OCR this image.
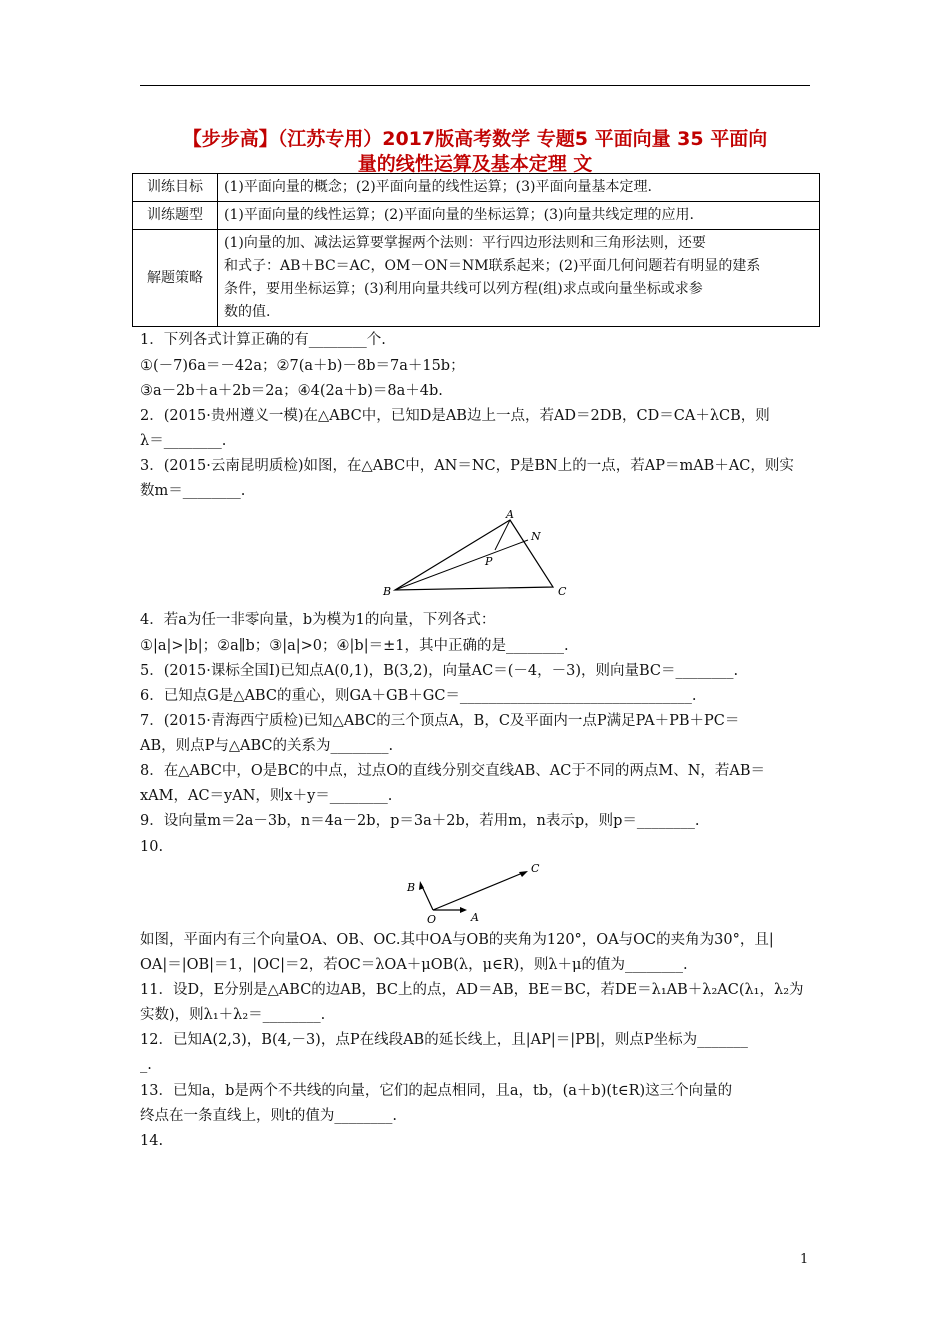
【步步高】（江苏专用）2017版高考数学 专题5 平面向量 35 平面向
量的线性运算及基本定理 文
训练目标	(1)平面向量的概念；(2)平面向量的线性运算；(3)平面向量基本定理.

训练题型	(1)平面向量的线性运算；(2)平面向量的坐标运算；(3)向量共线定理的应用.

解题策略	(1)向量的加、减法运算要掌握两个法则：平行四边形法则和三角形法则，还要
和式子：AB＋BC＝AC，OM－ON＝NM联系起来；(2)平面几何问题若有明显的建系
条件，要用坐标运算；(3)利用向量共线可以列方程(组)求点或向量坐标或求参
数的值.
1．下列各式计算正确的有________个.
①(－7)6a＝－42a；②7(a＋b)－8b＝7a＋15b；
③a－2b＋a＋2b＝2a；④4(2a＋b)＝8a＋4b.
2．(2015·贵州遵义一模)在△ABC中，已知D是AB边上一点，若AD＝2DB，CD＝CA＋λCB，则
λ＝________.
3．(2015·云南昆明质检)如图，在△ABC中，AN＝NC，P是BN上的一点，若AP＝mAB＋AC，则实
数m＝________.
A
N
P
B	C
4．若a为任一非零向量，b为模为1的向量，下列各式：
①|a|>|b|；②a∥b；③|a|>0；④|b|＝±1，其中正确的是________.
5．(2015·课标全国Ⅰ)已知点A(0,1)，B(3,2)，向量AC＝(－4，－3)，则向量BC＝________.
6．已知点G是△ABC的重心，则GA＋GB＋GC＝________________________________.
7．(2015·青海西宁质检)已知△ABC的三个顶点A，B，C及平面内一点P满足PA＋PB＋PC＝
AB，则点P与△ABC的关系为________.
8．在△ABC中，O是BC的中点，过点O的直线分别交直线AB、AC于不同的两点M、N，若AB＝
xAM，AC＝yAN，则x＋y＝________.
9．设向量m＝2a－3b，n＝4a－2b，p＝3a＋2b，若用m，n表示p，则p＝________.
10.
C
B
O	A
如图，平面内有三个向量OA、OB、OC.其中OA与OB的夹角为120°，OA与OC的夹角为30°，且|
OA|＝|OB|＝1，|OC|＝2，若OC＝λOA＋μOB(λ，μ∈R)，则λ＋μ的值为________.
11．设D，E分别是△ABC的边AB，BC上的点，AD＝AB，BE＝BC，若DE＝λ₁AB＋λ₂AC(λ₁，λ₂为
实数)，则λ₁＋λ₂＝________.
12．已知A(2,3)，B(4,－3)，点P在线段AB的延长线上，且|AP|＝|PB|，则点P坐标为_______
_.
13．已知a，b是两个不共线的向量，它们的起点相同，且a，tb，(a＋b)(t∈R)这三个向量的
终点在一条直线上，则t的值为________.
14.
1
